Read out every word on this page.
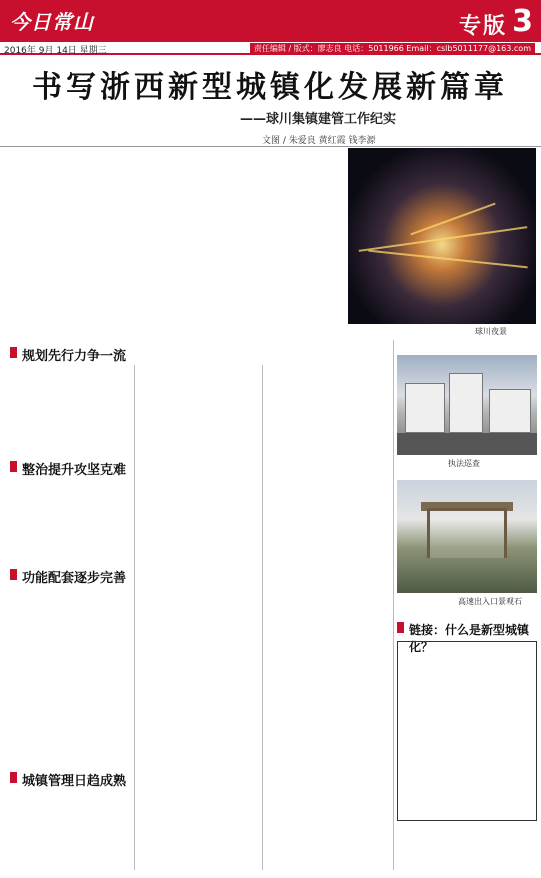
今日常山	专版 3
2016年 9月 14日 星期三	责任编辑 / 版式：廖志良 电话：5011966 Email：cslb5011177@163.com
书写浙西新型城镇化发展新篇章
——球川集镇建管工作纪实
文图 / 朱爱良 黄红霞 钱李源
球川夜景
规划先行力争一流
整治提升攻坚克难
功能配套逐步完善
城镇管理日趋成熟
执法巡查
高速出入口景观石
链接：什么是新型城镇化？
